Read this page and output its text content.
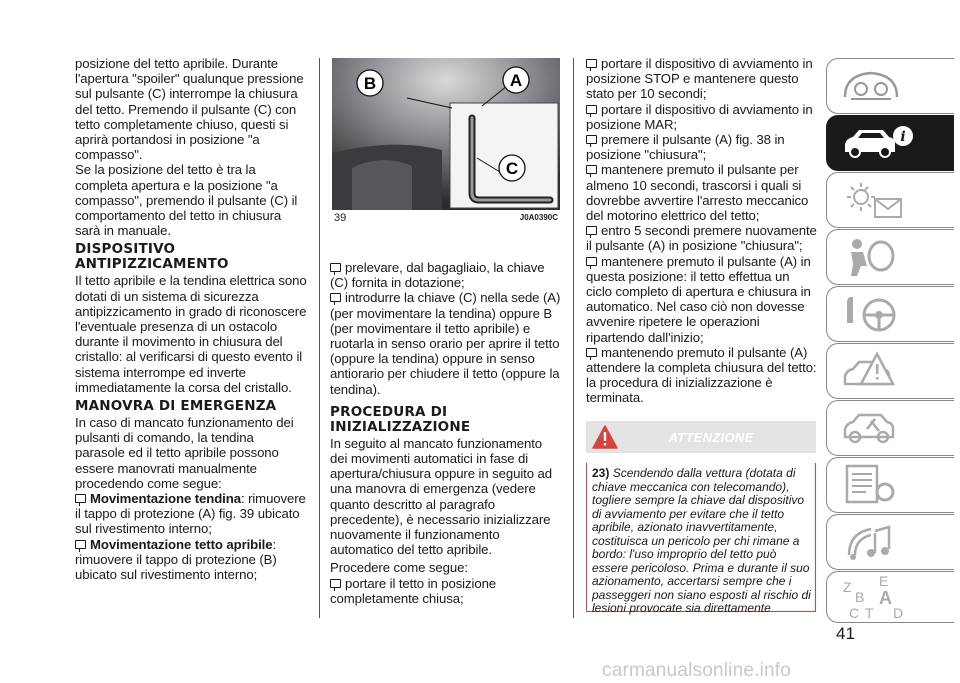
posizione del tetto apribile. Durante l'apertura "spoiler" qualunque pressione sul pulsante (C) interrompe la chiusura del tetto. Premendo il pulsante (C) con tetto completamente chiuso, questi si aprirà portandosi in posizione "a compasso".

Se la posizione del tetto è tra la completa apertura e la posizione "a compasso", premendo il pulsante (C) il comportamento del tetto in chiusura sarà in manuale.

DISPOSITIVO ANTIPIZZICAMENTO

Il tetto apribile e la tendina elettrica sono dotati di un sistema di sicurezza antipizzicamento in grado di riconoscere l'eventuale presenza di un ostacolo durante il movimento in chiusura del cristallo: al verificarsi di questo evento il sistema interrompe ed inverte immediatamente la corsa del cristallo.

MANOVRA DI EMERGENZA

In caso di mancato funzionamento dei pulsanti di comando, la tendina parasole ed il tetto apribile possono essere manovrati manualmente procedendo come segue:

Movimentazione tendina: rimuovere il tappo di protezione (A) fig. 39 ubicato sul rivestimento interno;

Movimentazione tetto apribile: rimuovere il tappo di protezione (B) ubicato sul rivestimento interno;

B	A
C
39	J0A0390C

prelevare, dal bagagliaio, la chiave (C) fornita in dotazione;

introdurre la chiave (C) nella sede (A) (per movimentare la tendina) oppure B (per movimentare il tetto apribile) e ruotarla in senso orario per aprire il tetto (oppure la tendina) oppure in senso antiorario per chiudere il tetto (oppure la tendina).

PROCEDURA DI INIZIALIZZAZIONE

In seguito al mancato funzionamento dei movimenti automatici in fase di apertura/chiusura oppure in seguito ad una manovra di emergenza (vedere quanto descritto al paragrafo precedente), è necessario inizializzare nuovamente il funzionamento automatico del tetto apribile.

Procedere come segue:

portare il tetto in posizione completamente chiusa;

portare il dispositivo di avviamento in posizione STOP e mantenere questo stato per 10 secondi;

portare il dispositivo di avviamento in posizione MAR;

premere il pulsante (A) fig. 38 in posizione "chiusura";

mantenere premuto il pulsante per almeno 10 secondi, trascorsi i quali si dovrebbe avvertire l'arresto meccanico del motorino elettrico del tetto;

entro 5 secondi premere nuovamente il pulsante (A) in posizione "chiusura";

mantenere premuto il pulsante (A) in questa posizione: il tetto effettua un ciclo completo di apertura e chiusura in automatico. Nel caso ciò non dovesse avvenire ripetere le operazioni ripartendo dall'inizio;

mantenendo premuto il pulsante (A) attendere la completa chiusura del tetto: la procedura di inizializzazione è terminata.

ATTENZIONE
23) Scendendo dalla vettura (dotata di chiave meccanica con telecomando), togliere sempre la chiave dal dispositivo di avviamento per evitare che il tetto apribile, azionato inavvertitamente, costituisca un pericolo per chi rimane a bordo: l'uso improprio del tetto può essere pericoloso. Prima e durante il suo azionamento, accertarsi sempre che i passeggeri non siano esposti al rischio di lesioni provocate sia direttamente
i
Z E
B A
C T D
41
carmanualsonline.info
